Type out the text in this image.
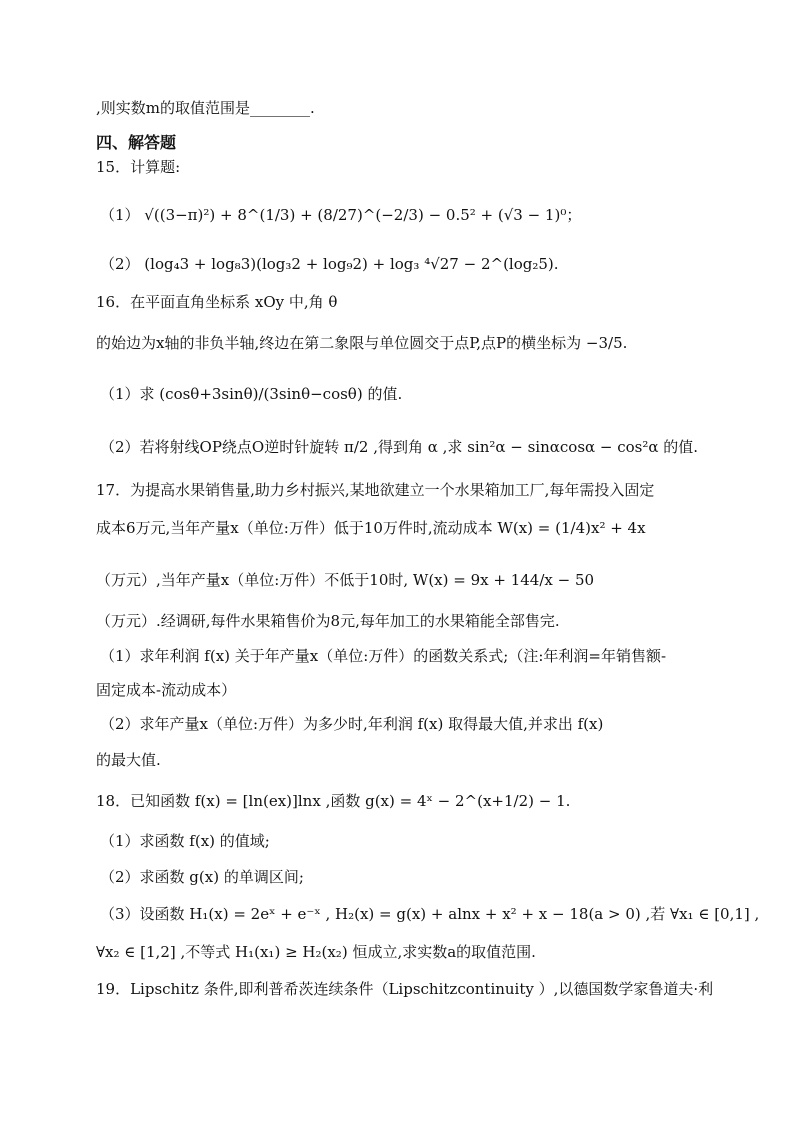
,则实数m的取值范围是________.
四、解答题
15．计算题:
（1） √((3−π)²) + 8^(1/3) + (8/27)^(−2/3) − 0.5² + (√3 − 1)⁰；
（2） (log₄3 + log₈3)(log₃2 + log₉2) + log₃ ⁴√27 − 2^(log₂5).
16．在平面直角坐标系 xOy 中,角 θ
的始边为x轴的非负半轴,终边在第二象限与单位圆交于点P,点P的横坐标为 −3/5.
（1）求 (cosθ+3sinθ)/(3sinθ−cosθ) 的值.
（2）若将射线OP绕点O逆时针旋转 π/2 ,得到角 α ,求 sin²α − sinαcosα − cos²α 的值.
17．为提高水果销售量,助力乡村振兴,某地欲建立一个水果箱加工厂,每年需投入固定
成本6万元,当年产量x（单位:万件）低于10万件时,流动成本 W(x) = (1/4)x² + 4x
（万元）,当年产量x（单位:万件）不低于10时, W(x) = 9x + 144/x − 50
（万元）.经调研,每件水果箱售价为8元,每年加工的水果箱能全部售完.
（1）求年利润 f(x) 关于年产量x（单位:万件）的函数关系式;（注:年利润=年销售额-
固定成本-流动成本）
（2）求年产量x（单位:万件）为多少时,年利润 f(x) 取得最大值,并求出 f(x)
的最大值.
18．已知函数 f(x) = [ln(ex)]lnx ,函数 g(x) = 4ˣ − 2^(x+1/2) − 1.
（1）求函数 f(x) 的值域;
（2）求函数 g(x) 的单调区间;
（3）设函数 H₁(x) = 2eˣ + e⁻ˣ , H₂(x) = g(x) + alnx + x² + x − 18(a > 0) ,若 ∀x₁ ∈ [0,1] ,
∀x₂ ∈ [1,2] ,不等式 H₁(x₁) ≥ H₂(x₂) 恒成立,求实数a的取值范围.
19．Lipschitz 条件,即利普希茨连续条件（Lipschitzcontinuity ）,以德国数学家鲁道夫·利
